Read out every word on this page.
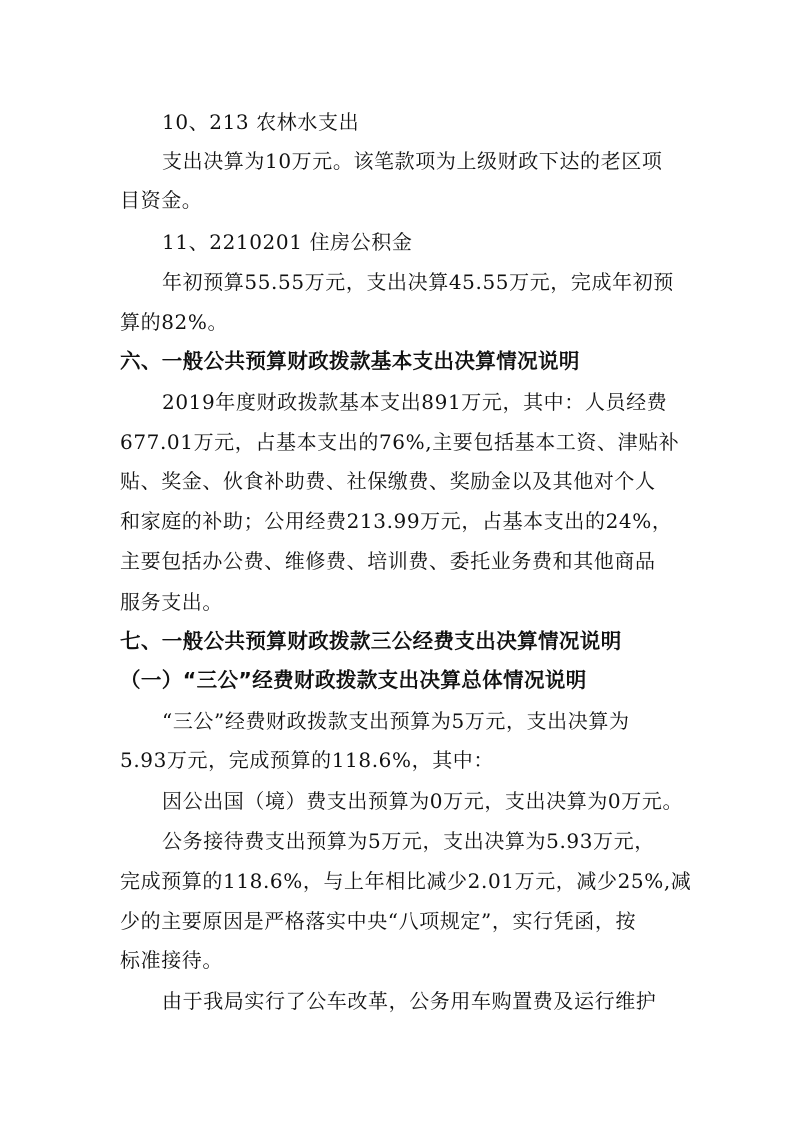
10、213 农林水支出
支出决算为10万元。该笔款项为上级财政下达的老区项
目资金。
11、2210201 住房公积金
年初预算55.55万元，支出决算45.55万元，完成年初预
算的82%。
六、一般公共预算财政拨款基本支出决算情况说明
2019年度财政拨款基本支出891万元，其中：人员经费
677.01万元，占基本支出的76%,主要包括基本工资、津贴补
贴、奖金、伙食补助费、社保缴费、奖励金以及其他对个人
和家庭的补助；公用经费213.99万元，占基本支出的24%，
主要包括办公费、维修费、培训费、委托业务费和其他商品
服务支出。
七、一般公共预算财政拨款三公经费支出决算情况说明
（一）“三公”经费财政拨款支出决算总体情况说明
“三公”经费财政拨款支出预算为5万元，支出决算为
5.93万元，完成预算的118.6%，其中：
因公出国（境）费支出预算为0万元，支出决算为0万元。
公务接待费支出预算为5万元，支出决算为5.93万元，
完成预算的118.6%，与上年相比减少2.01万元，减少25%,减
少的主要原因是严格落实中央“八项规定”，实行凭函，按
标准接待。
由于我局实行了公车改革，公务用车购置费及运行维护
